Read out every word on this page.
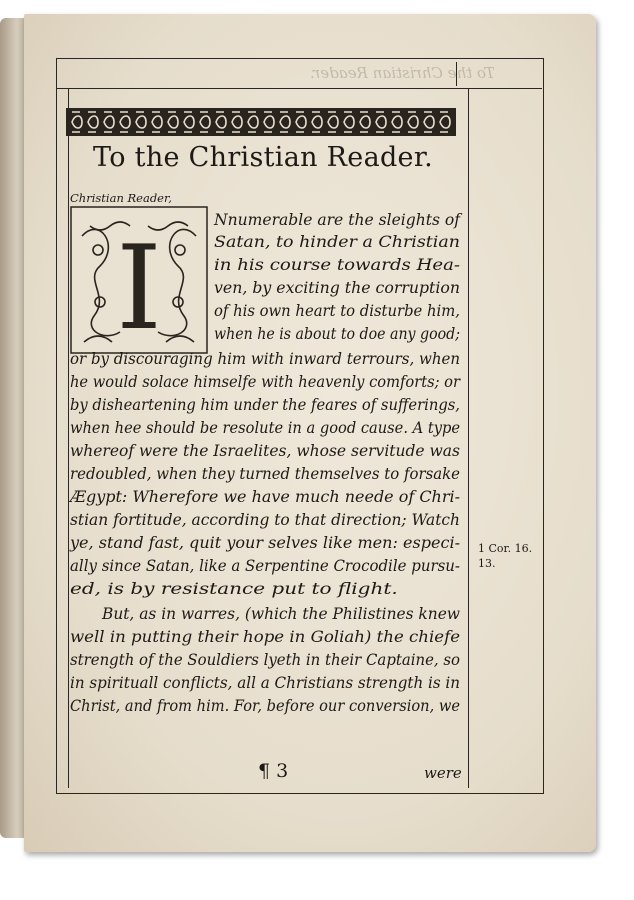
To the Christian Reader.
To the Christian Reader.
Christian Reader,
I
Nnumerable are the sleights of
Satan, to hinder a Christian
in his course towards Hea-
ven, by exciting the corruption
of his own heart to disturbe him,
when he is about to doe any good;
or by discouraging him with inward terrours, when
he would solace himselfe with heavenly comforts; or
by disheartening him under the feares of sufferings,
when hee should be resolute in a good cause. A type
whereof were the Israelites, whose servitude was
redoubled, when they turned themselves to forsake
Ægypt: Wherefore we have much neede of Chri-
stian fortitude, according to that direction; Watch
ye, stand fast, quit your selves like men: especi-
ally since Satan, like a Serpentine Crocodile pursu-
ed, is by resistance put to flight.
But, as in warres, (which the Philistines knew
well in putting their hope in Goliah) the chiefe
strength of the Souldiers lyeth in their Captaine, so
in spirituall conflicts, all a Christians strength is in
Christ, and from him. For, before our conversion, we
¶ 3	were
1 Cor. 16.
13.
